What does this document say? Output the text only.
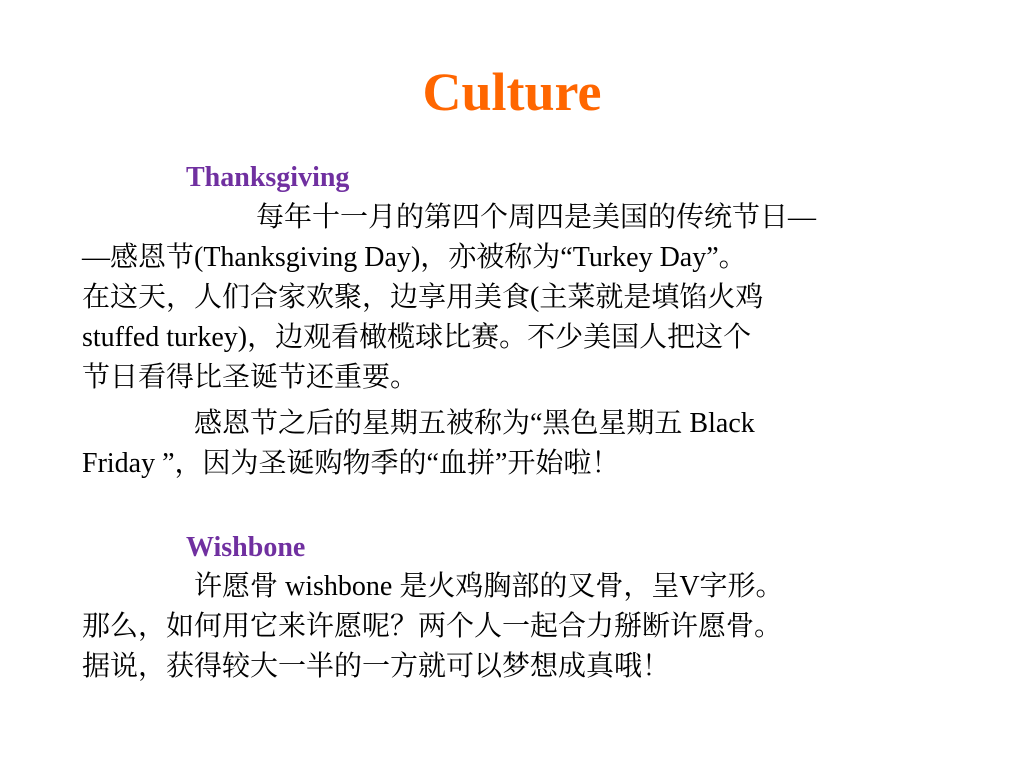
Culture
Thanksgiving
每年十一月的第四个周四是美国的传统节日—
—感恩节(Thanksgiving Day)，亦被称为“Turkey Day”。
在这天，人们合家欢聚，边享用美食(主菜就是填馅火鸡
stuffed turkey)，边观看橄榄球比赛。不少美国人把这个
节日看得比圣诞节还重要。
感恩节之后的星期五被称为“黑色星期五 Black
Friday ”，因为圣诞购物季的“血拼”开始啦！
Wishbone
许愿骨 wishbone 是火鸡胸部的叉骨，呈V字形。
那么，如何用它来许愿呢？两个人一起合力掰断许愿骨。
据说，获得较大一半的一方就可以梦想成真哦！
